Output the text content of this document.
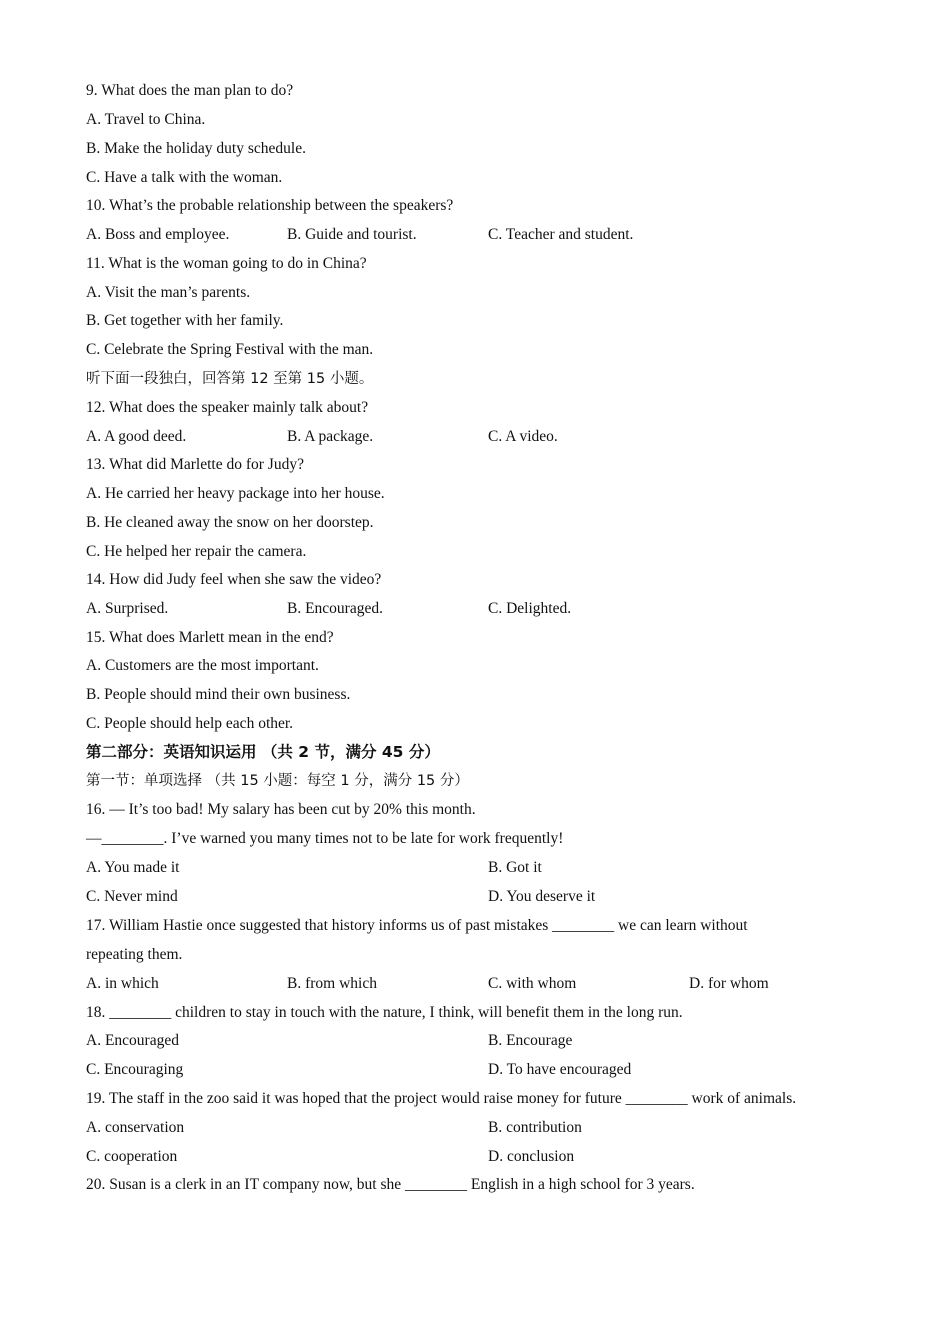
9. What does the man plan to do?
A. Travel to China.
B. Make the holiday duty schedule.
C. Have a talk with the woman.
10. What’s the probable relationship between the speakers?
A. Boss and employee.	B. Guide and tourist.	C. Teacher and student.
11. What is the woman going to do in China?
A. Visit the man’s parents.
B. Get together with her family.
C. Celebrate the Spring Festival with the man.
听下面一段独白，回答第 12 至第 15 小题。
12. What does the speaker mainly talk about?
A. A good deed.	B. A package.	C. A video.
13. What did Marlette do for Judy?
A. He carried her heavy package into her house.
B. He cleaned away the snow on her doorstep.
C. He helped her repair the camera.
14. How did Judy feel when she saw the video?
A. Surprised.	B. Encouraged.	C. Delighted.
15. What does Marlett mean in the end?
A. Customers are the most important.
B. People should mind their own business.
C. People should help each other.
第二部分：英语知识运用 （共 2 节，满分 45 分）
第一节：单项选择 （共 15 小题：每空 1 分，满分 15 分）
16. — It’s too bad! My salary has been cut by 20% this month.
—________. I’ve warned you many times not to be late for work frequently!
A. You made it	B. Got it
C. Never mind	D. You deserve it
17. William Hastie once suggested that history informs us of past mistakes ________ we can learn without
repeating them.
A. in which	B. from which	C. with whom	D. for whom
18. ________ children to stay in touch with the nature, I think, will benefit them in the long run.
A. Encouraged	B. Encourage
C. Encouraging	D. To have encouraged
19. The staff in the zoo said it was hoped that the project would raise money for future ________ work of animals.
A. conservation	B. contribution
C. cooperation	D. conclusion
20. Susan is a clerk in an IT company now, but she ________ English in a high school for 3 years.
